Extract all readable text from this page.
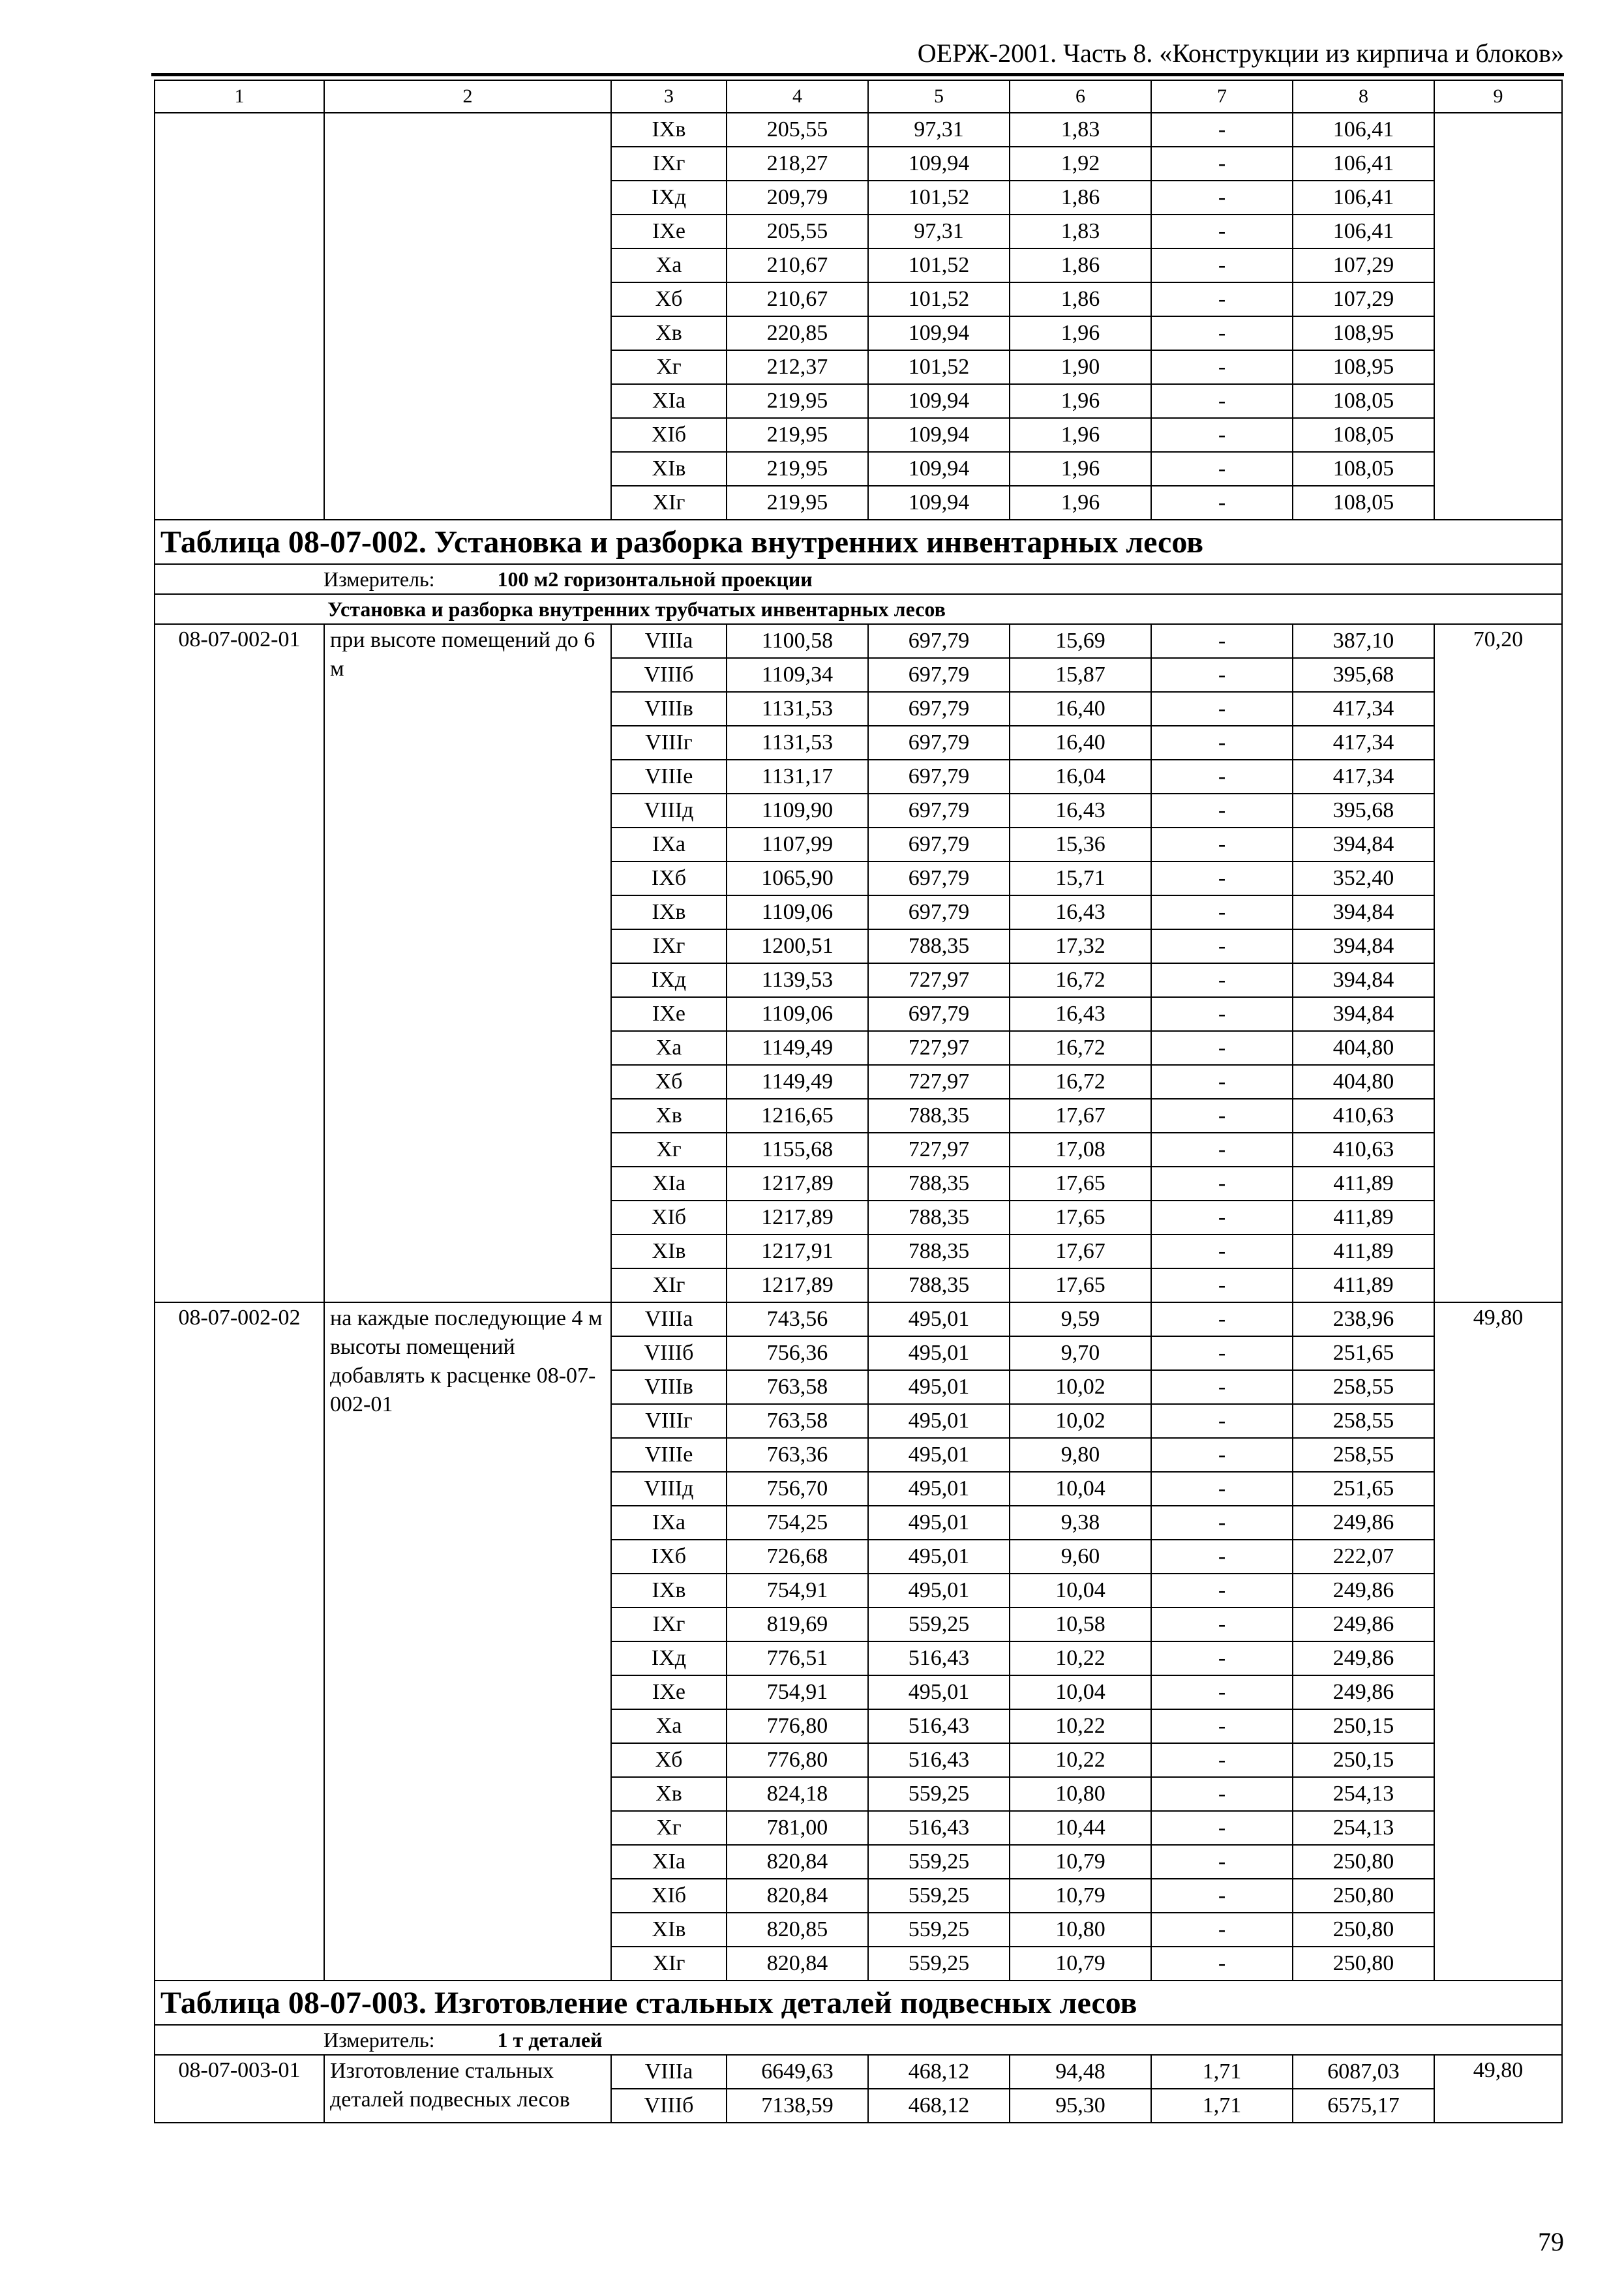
ОЕРЖ-2001. Часть 8. «Конструкции из кирпича и блоков»
1	2	3	4	5	6	7	8	9
		IXв	205,55	97,31	1,83	-	106,41	
		IXг	218,27	109,94	1,92	-	106,41	
		IXд	209,79	101,52	1,86	-	106,41	
		IXе	205,55	97,31	1,83	-	106,41	
		Xа	210,67	101,52	1,86	-	107,29	
		Xб	210,67	101,52	1,86	-	107,29	
		Xв	220,85	109,94	1,96	-	108,95	
		Xг	212,37	101,52	1,90	-	108,95	
		XIа	219,95	109,94	1,96	-	108,05	
		XIб	219,95	109,94	1,96	-	108,05	
		XIв	219,95	109,94	1,96	-	108,05	
		XIг	219,95	109,94	1,96	-	108,05	
Таблица 08-07-002. Установка и разборка внутренних инвентарных лесов								
Измеритель: 100 м2 горизонтальной проекции								
Установка и разборка внутренних трубчатых инвентарных лесов								
08-07-002-01	при высоте помещений до 6 м	VIIIа	1100,58	697,79	15,69	-	387,10	70,20
		VIIIб	1109,34	697,79	15,87	-	395,68	
		VIIIв	1131,53	697,79	16,40	-	417,34	
		VIIIг	1131,53	697,79	16,40	-	417,34	
		VIIIе	1131,17	697,79	16,04	-	417,34	
		VIIIд	1109,90	697,79	16,43	-	395,68	
		IXа	1107,99	697,79	15,36	-	394,84	
		IXб	1065,90	697,79	15,71	-	352,40	
		IXв	1109,06	697,79	16,43	-	394,84	
		IXг	1200,51	788,35	17,32	-	394,84	
		IXд	1139,53	727,97	16,72	-	394,84	
		IXе	1109,06	697,79	16,43	-	394,84	
		Xа	1149,49	727,97	16,72	-	404,80	
		Xб	1149,49	727,97	16,72	-	404,80	
		Xв	1216,65	788,35	17,67	-	410,63	
		Xг	1155,68	727,97	17,08	-	410,63	
		XIа	1217,89	788,35	17,65	-	411,89	
		XIб	1217,89	788,35	17,65	-	411,89	
		XIв	1217,91	788,35	17,67	-	411,89	
		XIг	1217,89	788,35	17,65	-	411,89	
08-07-002-02	на каждые последующие 4 м высоты помещений добавлять к расценке 08-07-002-01	VIIIа	743,56	495,01	9,59	-	238,96	49,80
		VIIIб	756,36	495,01	9,70	-	251,65	
		VIIIв	763,58	495,01	10,02	-	258,55	
		VIIIг	763,58	495,01	10,02	-	258,55	
		VIIIе	763,36	495,01	9,80	-	258,55	
		VIIIд	756,70	495,01	10,04	-	251,65	
		IXа	754,25	495,01	9,38	-	249,86	
		IXб	726,68	495,01	9,60	-	222,07	
		IXв	754,91	495,01	10,04	-	249,86	
		IXг	819,69	559,25	10,58	-	249,86	
		IXд	776,51	516,43	10,22	-	249,86	
		IXе	754,91	495,01	10,04	-	249,86	
		Xа	776,80	516,43	10,22	-	250,15	
		Xб	776,80	516,43	10,22	-	250,15	
		Xв	824,18	559,25	10,80	-	254,13	
		Xг	781,00	516,43	10,44	-	254,13	
		XIа	820,84	559,25	10,79	-	250,80	
		XIб	820,84	559,25	10,79	-	250,80	
		XIв	820,85	559,25	10,80	-	250,80	
		XIг	820,84	559,25	10,79	-	250,80	
Таблица 08-07-003. Изготовление стальных деталей подвесных лесов								
Измеритель: 1 т деталей								
08-07-003-01	Изготовление стальных деталей подвесных лесов	VIIIа	6649,63	468,12	94,48	1,71	6087,03	49,80
		VIIIб	7138,59	468,12	95,30	1,71	6575,17	
79
